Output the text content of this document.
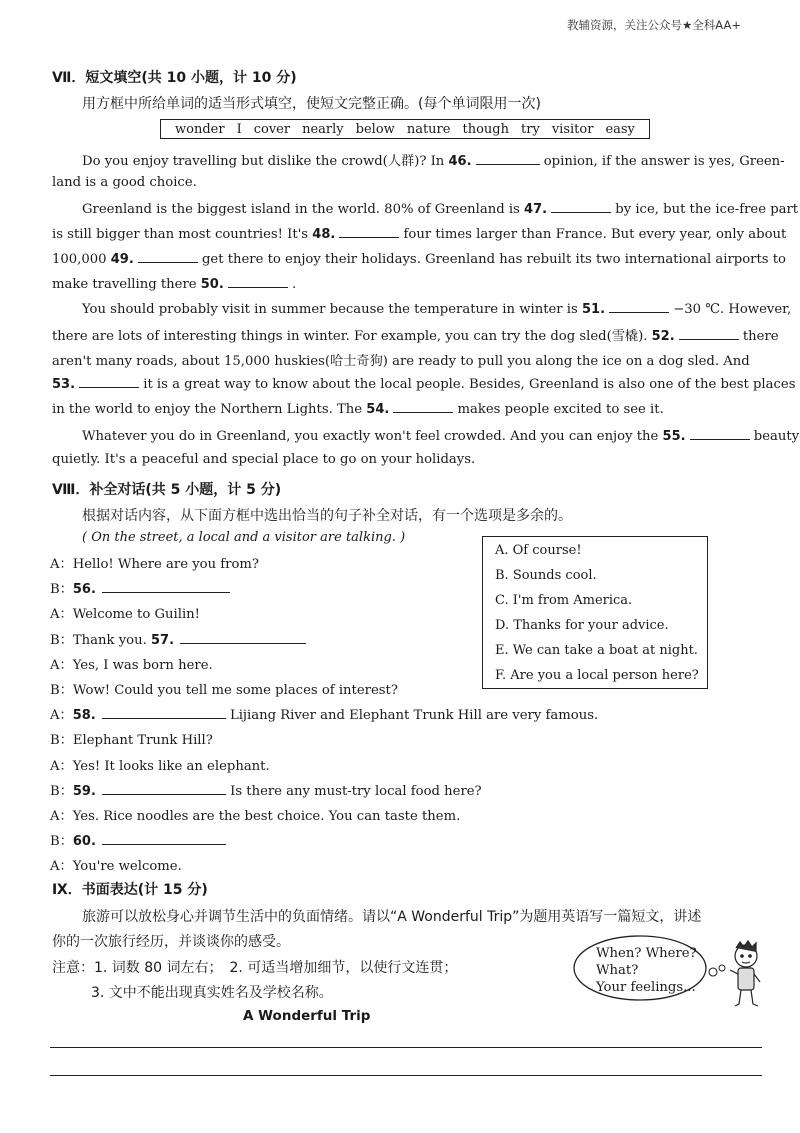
教辅资源，关注公众号★全科AA+
Ⅶ．短文填空(共 10 小题，计 10 分)
用方框中所给单词的适当形式填空，使短文完整正确。(每个单词限用一次)
wonder I cover nearly below nature though try visitor easy
Do you enjoy travelling but dislike the crowd(人群)? In 46.	opinion, if the answer is yes, Green-
land is a good choice.
Greenland is the biggest island in the world. 80% of Greenland is 47.	by ice, but the ice-free part
is still bigger than most countries! It's 48.	four times larger than France. But every year, only about
100,000 49.	get there to enjoy their holidays. Greenland has rebuilt its two international airports to
make travelling there 50.	.
You should probably visit in summer because the temperature in winter is 51.	−30 ℃. However,
there are lots of interesting things in winter. For example, you can try the dog sled(雪橇). 52.	there
aren't many roads, about 15,000 huskies(哈士奇狗) are ready to pull you along the ice on a dog sled. And
53.	it is a great way to know about the local people. Besides, Greenland is also one of the best places
in the world to enjoy the Northern Lights. The 54.	makes people excited to see it.
Whatever you do in Greenland, you exactly won't feel crowded. And you can enjoy the 55.	beauty
quietly. It's a peaceful and special place to go on your holidays.
Ⅷ．补全对话(共 5 小题，计 5 分)
根据对话内容，从下面方框中选出恰当的句子补全对话，有一个选项是多余的。
( On the street, a local and a visitor are talking. )
A. Of course!
B. Sounds cool.
C. I'm from America.
D. Thanks for your advice.
E. We can take a boat at night.
F. Are you a local person here?
A：Hello! Where are you from?
B：56.
A：Welcome to Guilin!
B：Thank you. 57.
A：Yes, I was born here.
B：Wow! Could you tell me some places of interest?
A：58.	Lijiang River and Elephant Trunk Hill are very famous.
B：Elephant Trunk Hill?
A：Yes! It looks like an elephant.
B：59.	Is there any must-try local food here?
A：Yes. Rice noodles are the best choice. You can taste them.
B：60.
A：You're welcome.
Ⅸ．书面表达(计 15 分)
旅游可以放松身心并调节生活中的负面情绪。请以“A Wonderful Trip”为题用英语写一篇短文，讲述
你的一次旅行经历，并谈谈你的感受。
注意：1. 词数 80 词左右；　2. 可适当增加细节，以使行文连贯；
3. 文中不能出现真实姓名及学校名称。
When? Where?
What?
Your feelings...
A Wonderful Trip
